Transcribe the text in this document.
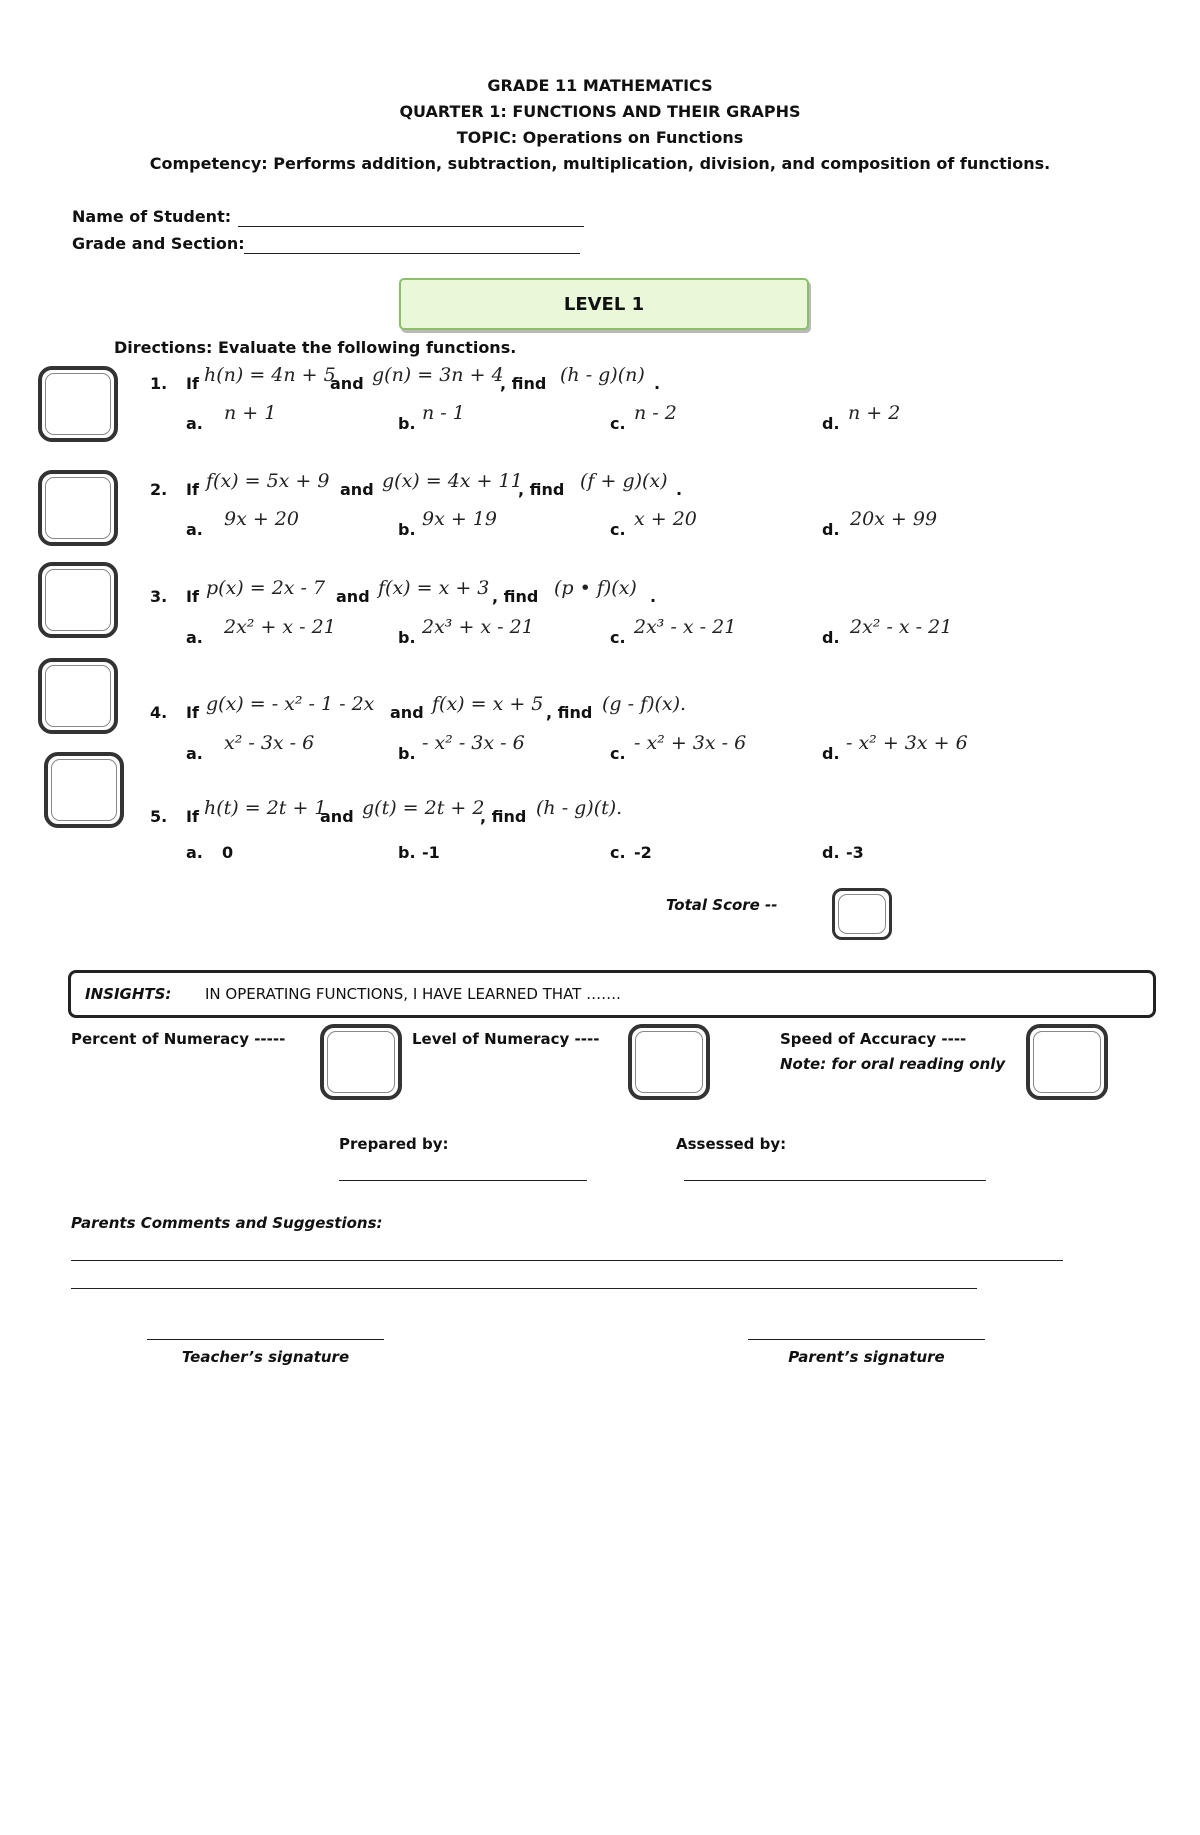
GRADE 11 MATHEMATICS
QUARTER 1: FUNCTIONS AND THEIR GRAPHS
TOPIC: Operations on Functions
Competency: Performs addition, subtraction, multiplication, division, and composition of functions.
Name of Student:
Grade and Section:
LEVEL 1
Directions: Evaluate the following functions.
1. If h(n) = 4n + 5
and g(n) = 3n + 4
, find (h - g)(n) .
a. n + 1	b. n - 1	c. n - 2	d. n + 2
2. If f(x) = 5x + 9 and g(x) = 4x + 11
, find (f + g)(x) .
a. 9x + 20	b. 9x + 19	c. x + 20	d. 20x + 99
3. If p(x) = 2x - 7 and f(x) = x + 3 , find (p • f)(x) .
a. 2x² + x - 21	b. 2x³ + x - 21	c. 2x³ - x - 21	d. 2x² - x - 21
4. If g(x) = - x² - 1 - 2x and f(x) = x + 5 , find (g - f)(x).
a. x² - 3x - 6	b. - x² - 3x - 6	c. - x² + 3x - 6	d. - x² + 3x + 6
5. If h(t) = 2t + 1
and g(t) = 2t + 2
, find (h - g)(t).
a. 0	b. -1	c. -2	d. -3
Total Score --
INSIGHTS: IN OPERATING FUNCTIONS, I HAVE LEARNED THAT …….
Percent of Numeracy -----	Level of Numeracy ----	Speed of Accuracy ----
Note: for oral reading only
Prepared by:	Assessed by:
Parents Comments and Suggestions:
Teacher’s signature	Parent’s signature
